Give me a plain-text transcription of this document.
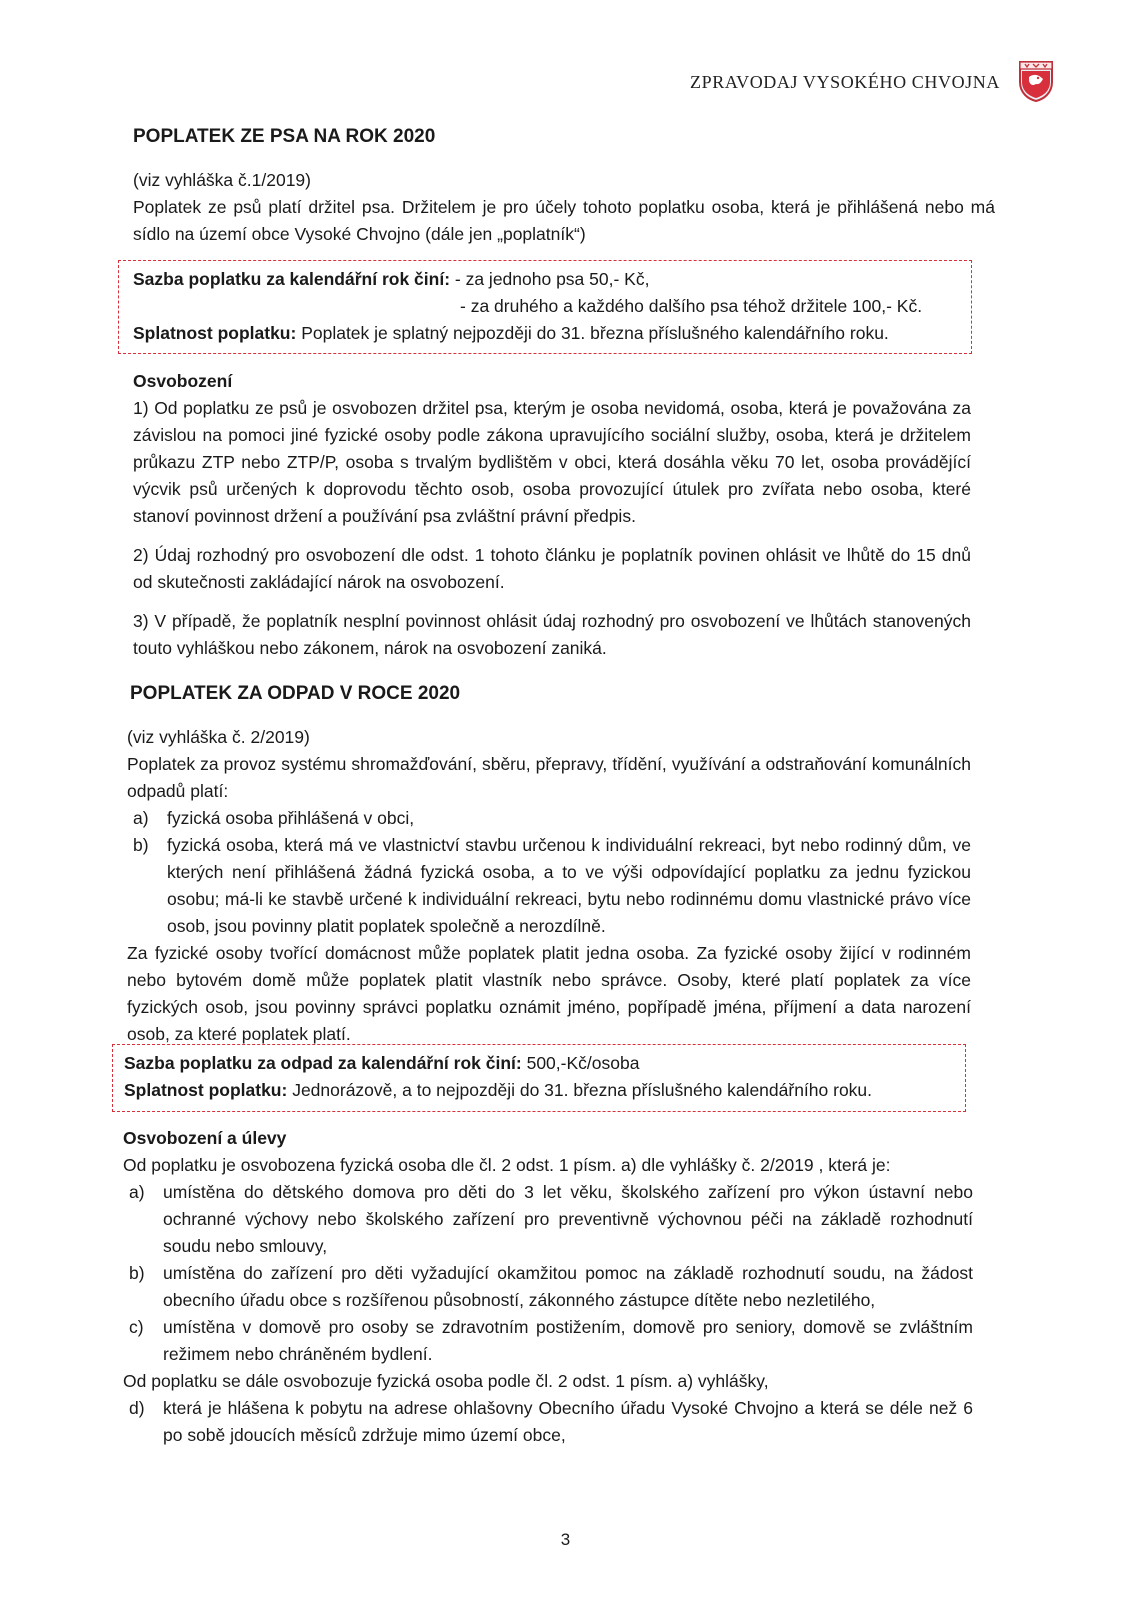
ZPRAVODAJ VYSOKÉHO CHVOJNA
POPLATEK ZE PSA NA ROK 2020
(viz vyhláška č.1/2019)
Poplatek ze psů platí držitel psa. Držitelem je pro účely tohoto poplatku osoba, která je přihlášená nebo má sídlo na území obce Vysoké Chvojno (dále jen „poplatník“)
Sazba poplatku za kalendářní rok činí: - za jednoho psa 50,- Kč,
- za druhého a každého dalšího psa téhož držitele 100,- Kč.
Splatnost poplatku: Poplatek je splatný nejpozději do 31. března příslušného kalendářního roku.
Osvobození
1) Od poplatku ze psů je osvobozen držitel psa, kterým je osoba nevidomá, osoba, která je považována za závislou na pomoci jiné fyzické osoby podle zákona upravujícího sociální služby, osoba, která je držitelem průkazu ZTP nebo ZTP/P, osoba s trvalým bydlištěm v obci, která dosáhla věku 70 let, osoba provádějící výcvik psů určených k doprovodu těchto osob, osoba provozující útulek pro zvířata nebo osoba, které stanoví povinnost držení a používání psa zvláštní právní předpis.
2) Údaj rozhodný pro osvobození dle odst. 1 tohoto článku je poplatník povinen ohlásit ve lhůtě do 15 dnů od skutečnosti zakládající nárok na osvobození.
3) V případě, že poplatník nesplní povinnost ohlásit údaj rozhodný pro osvobození ve lhůtách stanovených touto vyhláškou nebo zákonem, nárok na osvobození zaniká.
POPLATEK ZA ODPAD V ROCE 2020
(viz vyhláška č. 2/2019)
Poplatek za provoz systému shromažďování, sběru, přepravy, třídění, využívání a odstraňování komunálních odpadů platí:
a) fyzická osoba přihlášená v obci,
b) fyzická osoba, která má ve vlastnictví stavbu určenou k individuální rekreaci, byt nebo rodinný dům, ve kterých není přihlášená žádná fyzická osoba, a to ve výši odpovídající poplatku za jednu fyzickou osobu; má-li ke stavbě určené k individuální rekreaci, bytu nebo rodinnému domu vlastnické právo více osob, jsou povinny platit poplatek společně a nerozdílně.
Za fyzické osoby tvořící domácnost může poplatek platit jedna osoba. Za fyzické osoby žijící v rodinném nebo bytovém domě může poplatek platit vlastník nebo správce. Osoby, které platí poplatek za více fyzických osob, jsou povinny správci poplatku oznámit jméno, popřípadě jména, příjmení a data narození osob, za které poplatek platí.
Sazba poplatku za odpad za kalendářní rok činí: 500,-Kč/osoba
Splatnost poplatku: Jednorázově, a to nejpozději do 31. března příslušného kalendářního roku.
Osvobození a úlevy
Od poplatku je osvobozena fyzická osoba dle čl. 2 odst. 1 písm. a) dle vyhlášky č. 2/2019 , která je:
a) umístěna do dětského domova pro děti do 3 let věku, školského zařízení pro výkon ústavní nebo ochranné výchovy nebo školského zařízení pro preventivně výchovnou péči na základě rozhodnutí soudu nebo smlouvy,
b) umístěna do zařízení pro děti vyžadující okamžitou pomoc na základě rozhodnutí soudu, na žádost obecního úřadu obce s rozšířenou působností, zákonného zástupce dítěte nebo nezletilého,
c) umístěna v domově pro osoby se zdravotním postižením, domově pro seniory, domově se zvláštním režimem nebo chráněném bydlení.
Od poplatku se dále osvobozuje fyzická osoba podle čl. 2 odst. 1 písm. a) vyhlášky,
d) která je hlášena k pobytu na adrese ohlašovny Obecního úřadu Vysoké Chvojno a která se déle než 6 po sobě jdoucích měsíců zdržuje mimo území obce,
3
